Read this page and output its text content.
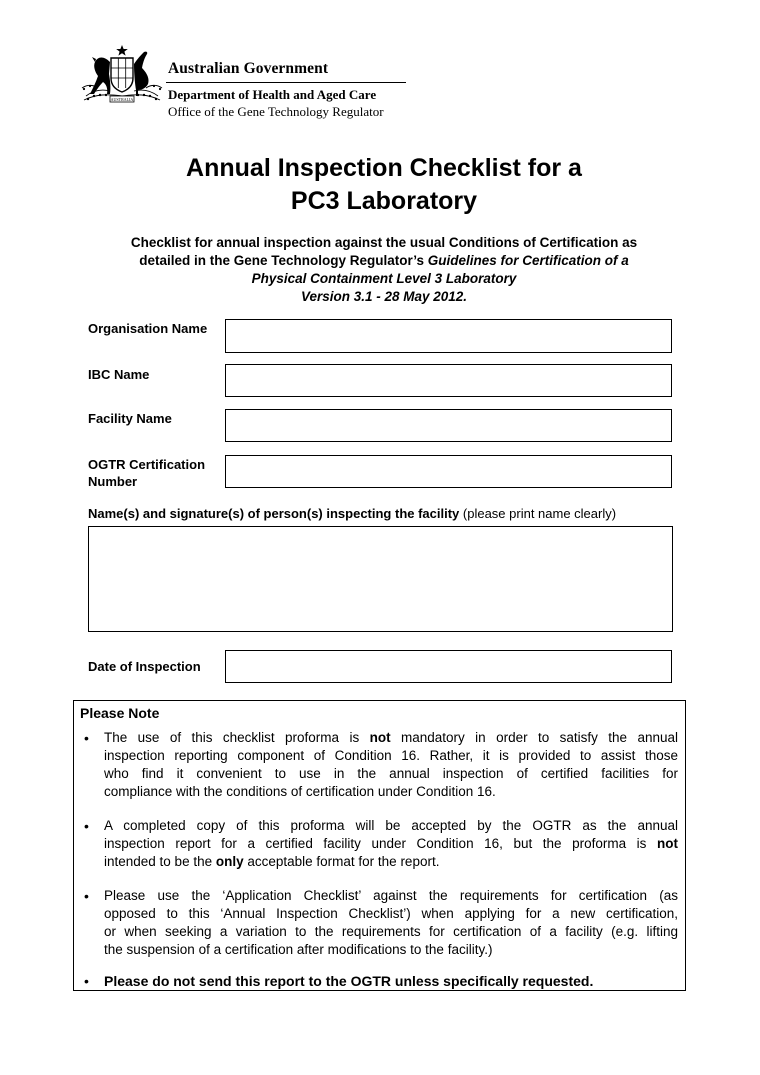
AUSTRALIA
Australian Government
Department of Health and Aged Care
Office of the Gene Technology Regulator
Annual Inspection Checklist for a
PC3 Laboratory
Checklist for annual inspection against the usual Conditions of Certification as
detailed in the Gene Technology Regulator’s Guidelines for Certification of a
Physical Containment Level 3 Laboratory
Version 3.1 - 28 May 2012.
Organisation Name
IBC Name
Facility Name
OGTR Certification
Number
Name(s) and signature(s) of person(s) inspecting the facility (please print name clearly)
Date of Inspection
Please Note
• The use of this checklist proforma is not mandatory in order to satisfy the annual
inspection reporting component of Condition 16. Rather, it is provided to assist those
who find it convenient to use in the annual inspection of certified facilities for
compliance with the conditions of certification under Condition 16.
• A completed copy of this proforma will be accepted by the OGTR as the annual
inspection report for a certified facility under Condition 16, but the proforma is not
intended to be the only acceptable format for the report.
• Please use the ‘Application Checklist’ against the requirements for certification (as
opposed to this ‘Annual Inspection Checklist’) when applying for a new certification,
or when seeking a variation to the requirements for certification of a facility (e.g. lifting
the suspension of a certification after modifications to the facility.)
• Please do not send this report to the OGTR unless specifically requested.
